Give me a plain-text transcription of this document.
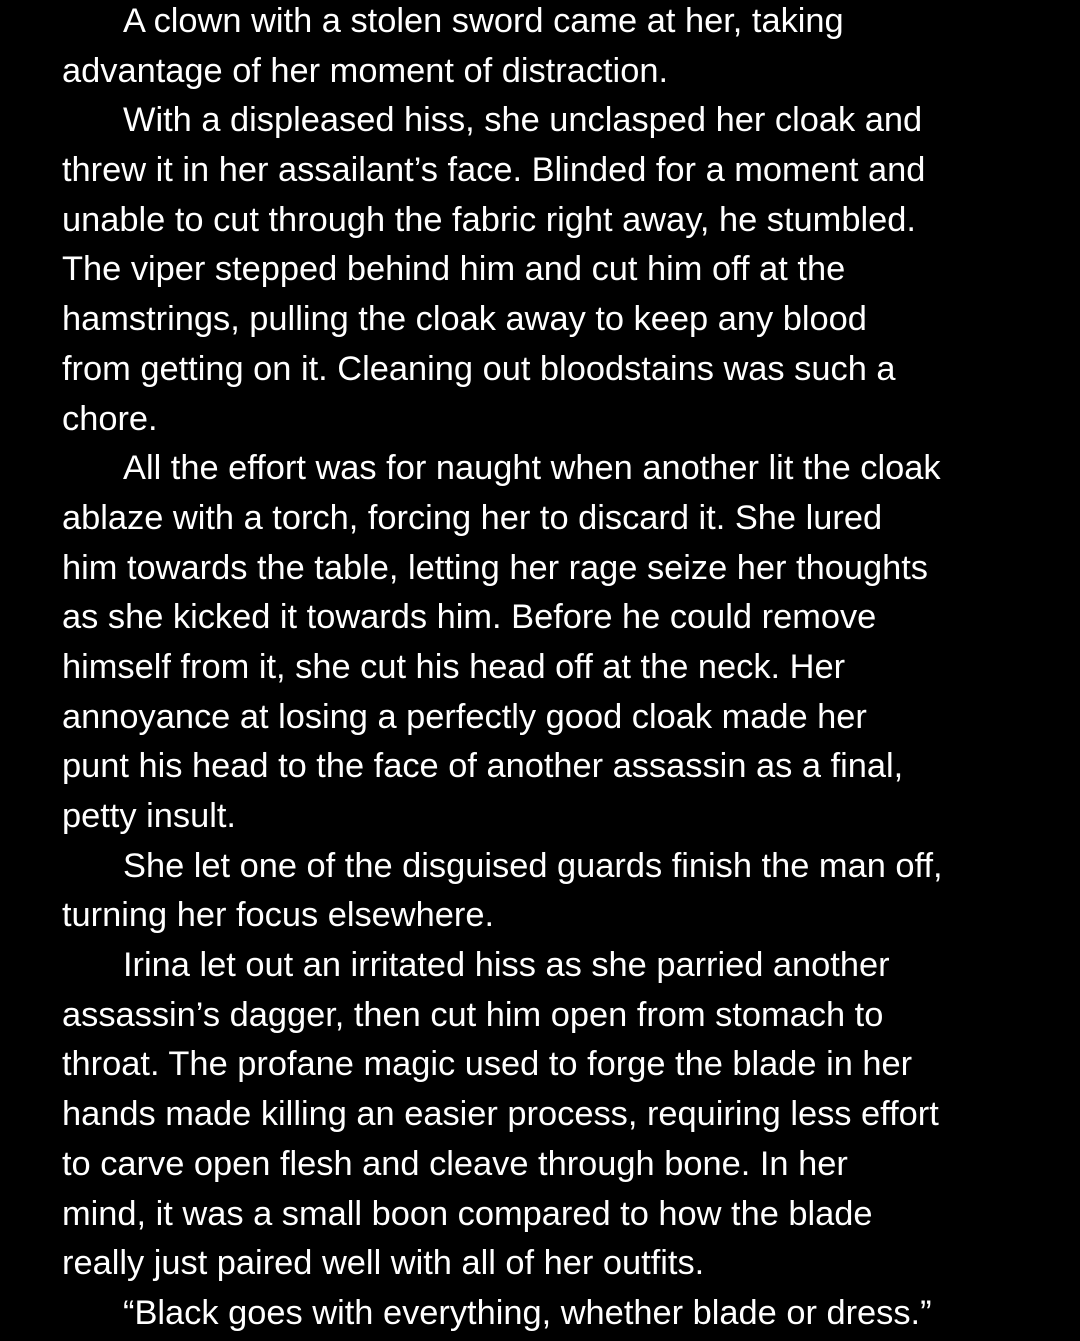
A clown with a stolen sword came at her, taking
advantage of her moment of distraction.
With a displeased hiss, she unclasped her cloak and
threw it in her assailant’s face. Blinded for a moment and
unable to cut through the fabric right away, he stumbled.
The viper stepped behind him and cut him off at the
hamstrings, pulling the cloak away to keep any blood
from getting on it. Cleaning out bloodstains was such a
chore.
All the effort was for naught when another lit the cloak
ablaze with a torch, forcing her to discard it. She lured
him towards the table, letting her rage seize her thoughts
as she kicked it towards him. Before he could remove
himself from it, she cut his head off at the neck. Her
annoyance at losing a perfectly good cloak made her
punt his head to the face of another assassin as a final,
petty insult.
She let one of the disguised guards finish the man off,
turning her focus elsewhere.
Irina let out an irritated hiss as she parried another
assassin’s dagger, then cut him open from stomach to
throat. The profane magic used to forge the blade in her
hands made killing an easier process, requiring less effort
to carve open flesh and cleave through bone. In her
mind, it was a small boon compared to how the blade
really just paired well with all of her outfits.
“Black goes with everything, whether blade or dress.”
